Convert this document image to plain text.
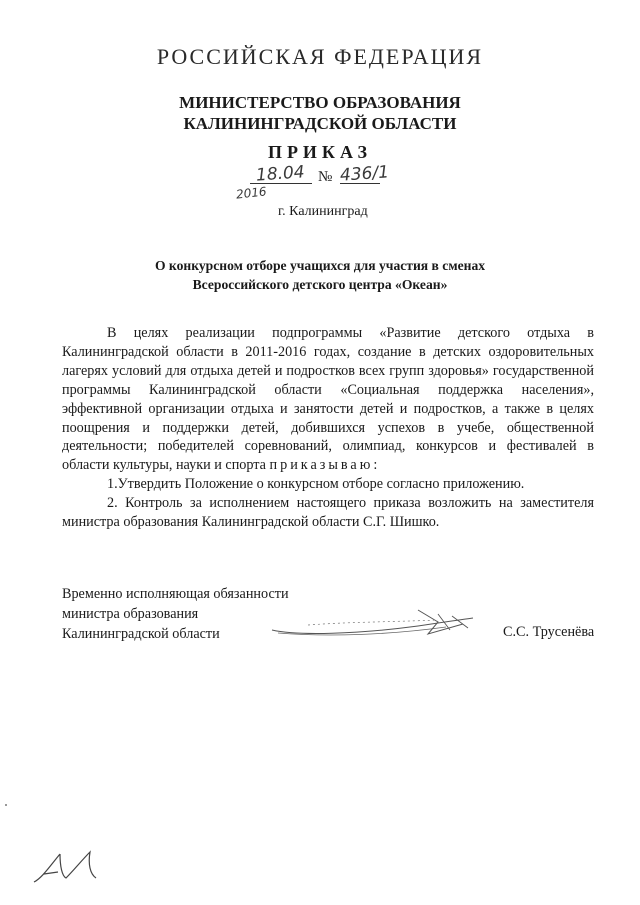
РОССИЙСКАЯ ФЕДЕРАЦИЯ
МИНИСТЕРСТВО ОБРАЗОВАНИЯ
КАЛИНИНГРАДСКОЙ ОБЛАСТИ
ПРИКАЗ
18.04
2016
№ 436/1
г. Калининград
О конкурсном отборе учащихся для участия в сменах
Всероссийского детского центра «Океан»

В целях реализации подпрограммы «Развитие детского отдыха в Калининградской области в 2011-2016 годах, создание в детских оздоровительных лагерях условий для отдыха детей и подростков всех групп здоровья» государственной программы Калининградской области «Социальная поддержка населения», эффективной организации отдыха и занятости детей и подростков, а также в целях поощрения и поддержки детей, добившихся успехов в учебе, общественной деятельности; победителей соревнований, олимпиад, конкурсов и фестивалей в области культуры, науки и спорта приказываю:

1.Утвердить Положение о конкурсном отборе согласно приложению.

2. Контроль за исполнением настоящего приказа возложить на заместителя министра образования Калининградской области С.Г. Шишко.

Временно исполняющая обязанности
министра образования
Калининградской области	С.С. Трусенёва
